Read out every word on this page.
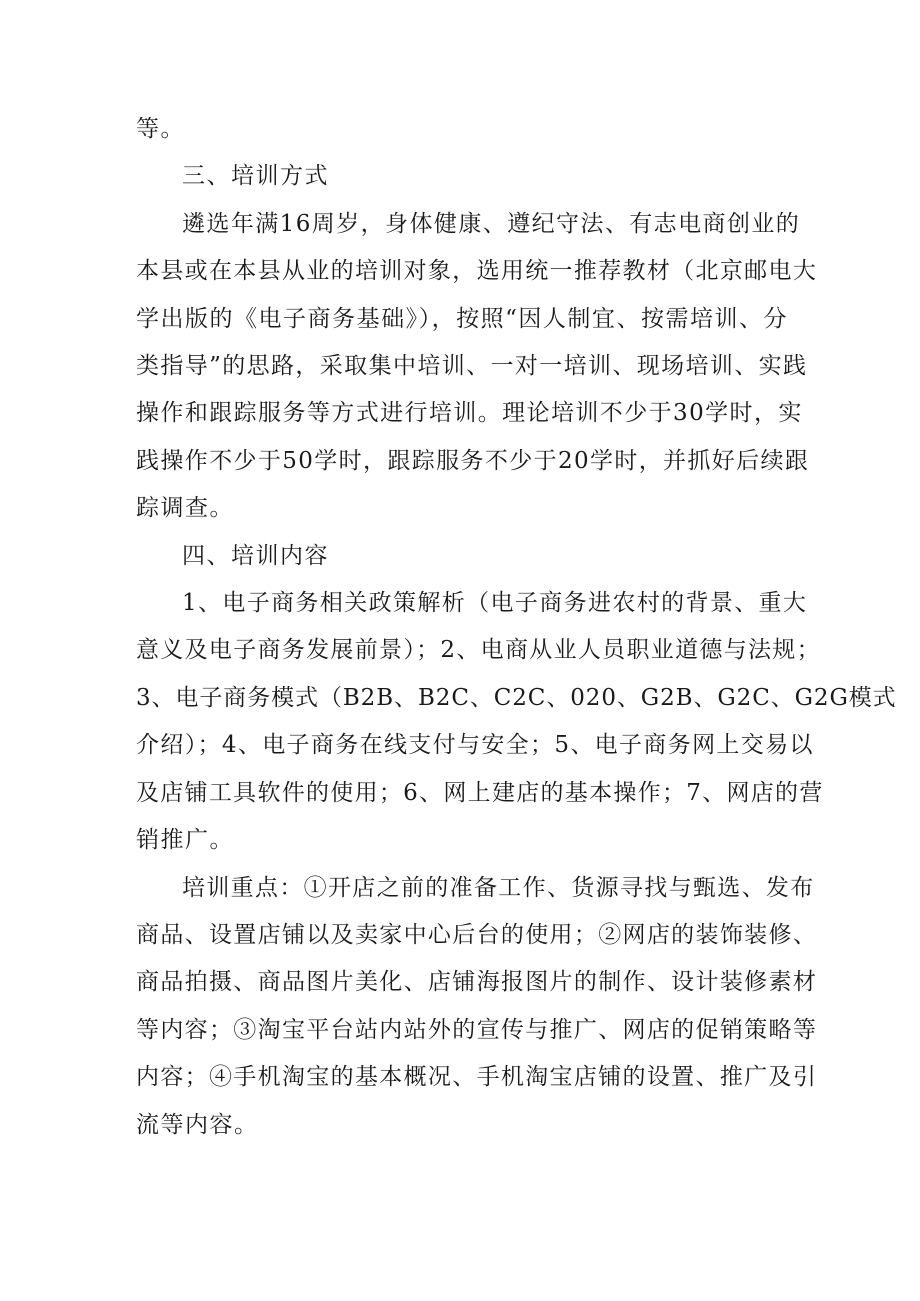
等。
三、培训方式
遴选年满16周岁，身体健康、遵纪守法、有志电商创业的
本县或在本县从业的培训对象，选用统一推荐教材（北京邮电大
学出版的《电子商务基础》），按照“因人制宜、按需培训、分
类指导”的思路，采取集中培训、一对一培训、现场培训、实践
操作和跟踪服务等方式进行培训。理论培训不少于30学时，实
践操作不少于50学时，跟踪服务不少于20学时，并抓好后续跟
踪调查。
四、培训内容
1、电子商务相关政策解析（电子商务进农村的背景、重大
意义及电子商务发展前景）；2、电商从业人员职业道德与法规；
3、电子商务模式（B2B、B2C、C2C、020、G2B、G2C、G2G模式
介绍）；4、电子商务在线支付与安全；5、电子商务网上交易以
及店铺工具软件的使用；6、网上建店的基本操作；7、网店的营
销推广。
培训重点：①开店之前的准备工作、货源寻找与甄选、发布
商品、设置店铺以及卖家中心后台的使用；②网店的装饰装修、
商品拍摄、商品图片美化、店铺海报图片的制作、设计装修素材
等内容；③淘宝平台站内站外的宣传与推广、网店的促销策略等
内容；④手机淘宝的基本概况、手机淘宝店铺的设置、推广及引
流等内容。
